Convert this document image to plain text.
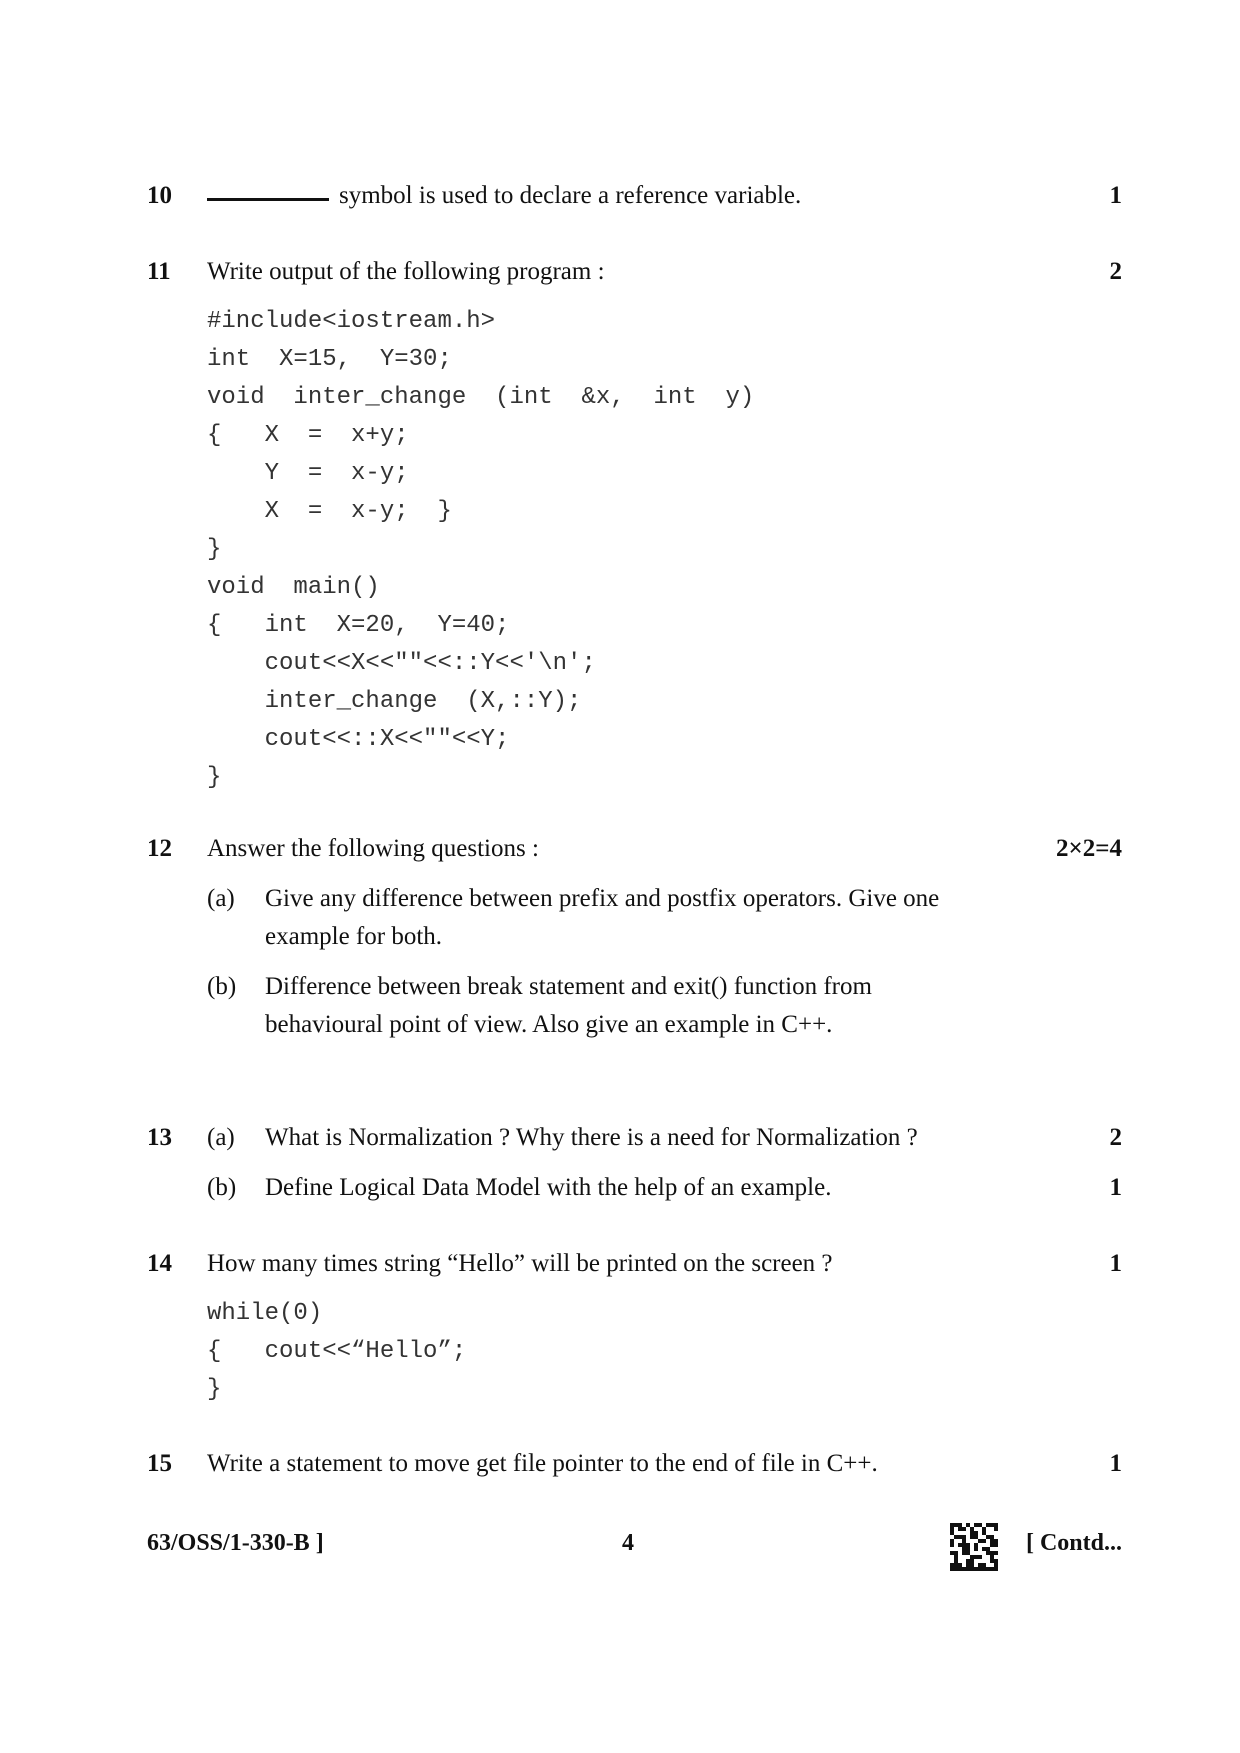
10	symbol is used to declare a reference variable.	1
11 Write output of the following program :	2
#include<iostream.h>
int  X=15,  Y=30;
void  inter_change  (int  &x,  int  y)
{   X  =  x+y;
Y  =  x-y;
X  =  x-y;  }
}
void  main()
{   int  X=20,  Y=40;
cout<<X<<""<<::Y<<'\n';
inter_change  (X,::Y);
cout<<::X<<""<<Y;
}
12 Answer the following questions :	2×2=4
(a) Give any difference between prefix and postfix operators. Give one
example for both.
(b) Difference between break statement and exit() function from
behavioural point of view. Also give an example in C++.
13 (a) What is Normalization ? Why there is a need for Normalization ?	2
(b) Define Logical Data Model with the help of an example.	1
14 How many times string “Hello” will be printed on the screen ?	1
while(0)
{   cout<<“Hello”;
}
15 Write a statement to move get file pointer to the end of file in C++.	1
63/OSS/1-330-B ]	4	[ Contd...
